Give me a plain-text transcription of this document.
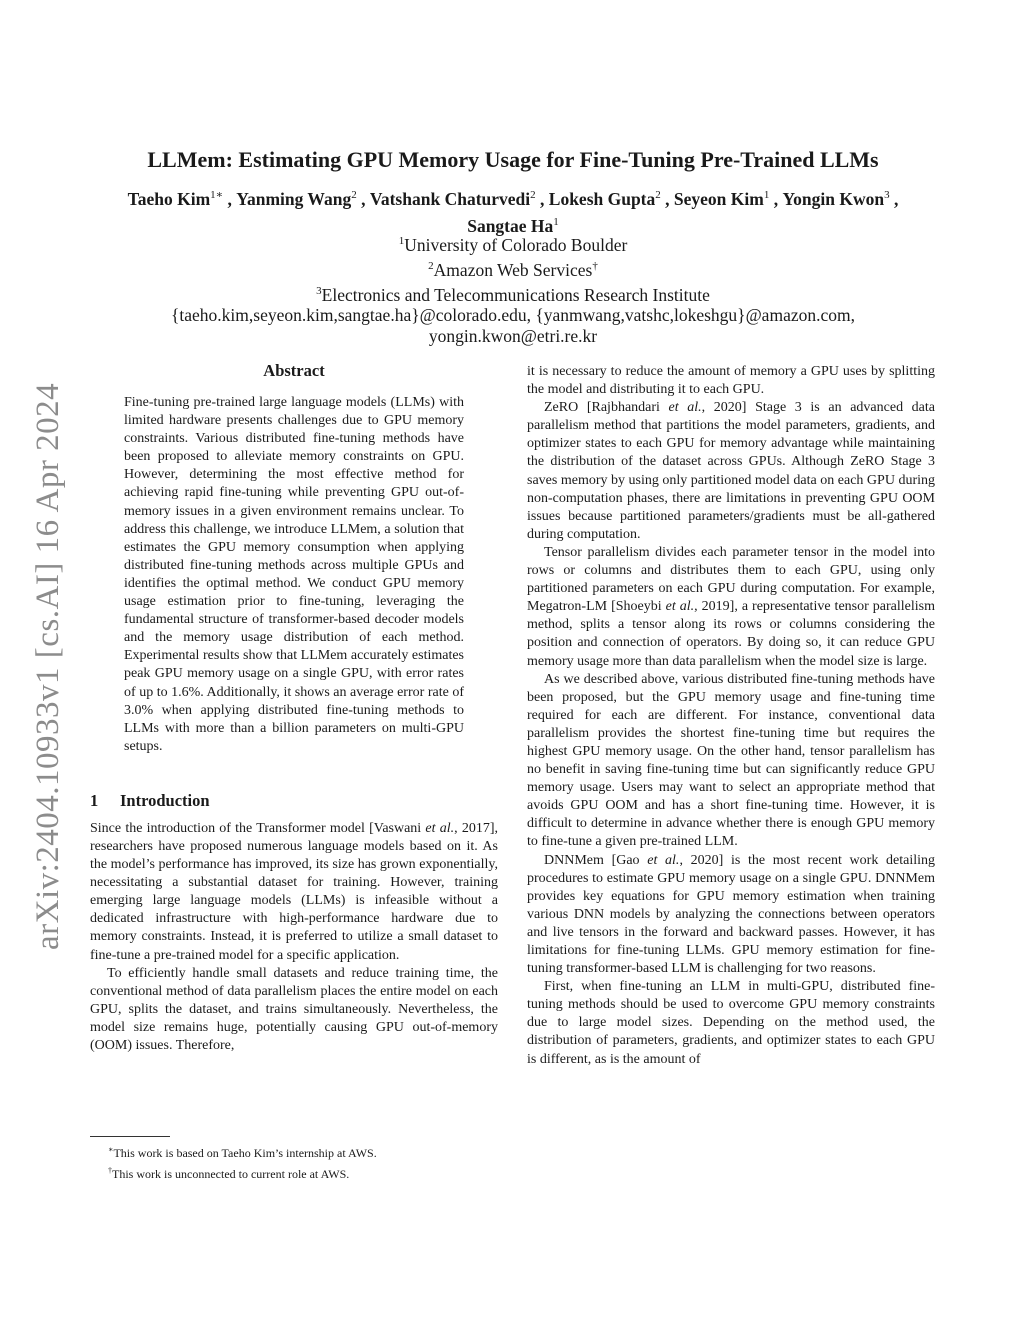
arXiv:2404.10933v1 [cs.AI] 16 Apr 2024
LLMem: Estimating GPU Memory Usage for Fine-Tuning Pre-Trained LLMs
Taeho Kim$^{1∗}$ , Yanming Wang$^2$ , Vatshank Chaturvedi$^2$ , Lokesh Gupta$^2$ , Seyeon Kim$^1$ , Yongin Kwon$^3$ , Sangtae Ha$^1$
$^1$University of Colorado Boulder
$^2$Amazon Web Services†
$^3$Electronics and Telecommunications Research Institute
{taeho.kim,seyeon.kim,sangtae.ha}@colorado.edu, {yanmwang,vatshc,lokeshgu}@amazon.com,
yongin.kwon@etri.re.kr
Abstract

Fine-tuning pre-trained large language models (LLMs) with limited hardware presents challenges due to GPU memory constraints. Various distributed fine-tuning methods have been proposed to alleviate memory constraints on GPU. However, determining the most effective method for achieving rapid fine-tuning while preventing GPU out-of-memory issues in a given environment remains unclear. To address this challenge, we introduce LLMem, a solution that estimates the GPU memory consumption when applying distributed fine-tuning methods across multiple GPUs and identifies the optimal method. We conduct GPU memory usage estimation prior to fine-tuning, leveraging the fundamental structure of transformer-based decoder models and the memory usage distribution of each method. Experimental results show that LLMem accurately estimates peak GPU memory usage on a single GPU, with error rates of up to 1.6%. Additionally, it shows an average error rate of 3.0% when applying distributed fine-tuning methods to LLMs with more than a billion parameters on multi-GPU setups.

1 Introduction

Since the introduction of the Transformer model [Vaswani et al., 2017], researchers have proposed numerous language models based on it. As the model’s performance has improved, its size has grown exponentially, necessitating a substantial dataset for training. However, training emerging large language models (LLMs) is infeasible without a dedicated infrastructure with high-performance hardware due to memory constraints. Instead, it is preferred to utilize a small dataset to fine-tune a pre-trained model for a specific application.

To efficiently handle small datasets and reduce training time, the conventional method of data parallelism places the entire model on each GPU, splits the dataset, and trains simultaneously. Nevertheless, the model size remains huge, potentially causing GPU out-of-memory (OOM) issues. Therefore,

it is necessary to reduce the amount of memory a GPU uses by splitting the model and distributing it to each GPU.

ZeRO [Rajbhandari et al., 2020] Stage 3 is an advanced data parallelism method that partitions the model parameters, gradients, and optimizer states to each GPU for memory advantage while maintaining the distribution of the dataset across GPUs. Although ZeRO Stage 3 saves memory by using only partitioned model data on each GPU during non-computation phases, there are limitations in preventing GPU OOM issues because partitioned parameters/gradients must be all-gathered during computation.

Tensor parallelism divides each parameter tensor in the model into rows or columns and distributes them to each GPU, using only partitioned parameters on each GPU during computation. For example, Megatron-LM [Shoeybi et al., 2019], a representative tensor parallelism method, splits a tensor along its rows or columns considering the position and connection of operators. By doing so, it can reduce GPU memory usage more than data parallelism when the model size is large.

As we described above, various distributed fine-tuning methods have been proposed, but the GPU memory usage and fine-tuning time required for each are different. For instance, conventional data parallelism provides the shortest fine-tuning time but requires the highest GPU memory usage. On the other hand, tensor parallelism has no benefit in saving fine-tuning time but can significantly reduce GPU memory usage. Users may want to select an appropriate method that avoids GPU OOM and has a short fine-tuning time. However, it is difficult to determine in advance whether there is enough GPU memory to fine-tune a given pre-trained LLM.

DNNMem [Gao et al., 2020] is the most recent work detailing procedures to estimate GPU memory usage on a single GPU. DNNMem provides key equations for GPU memory estimation when training various DNN models by analyzing the connections between operators and live tensors in the forward and backward passes. However, it has limitations for fine-tuning LLMs. GPU memory estimation for fine-tuning transformer-based LLM is challenging for two reasons.

First, when fine-tuning an LLM in multi-GPU, distributed fine-tuning methods should be used to overcome GPU memory constraints due to large model sizes. Depending on the method used, the distribution of parameters, gradients, and optimizer states to each GPU is different, as is the amount of

∗This work is based on Taeho Kim’s internship at AWS.

†This work is unconnected to current role at AWS.
